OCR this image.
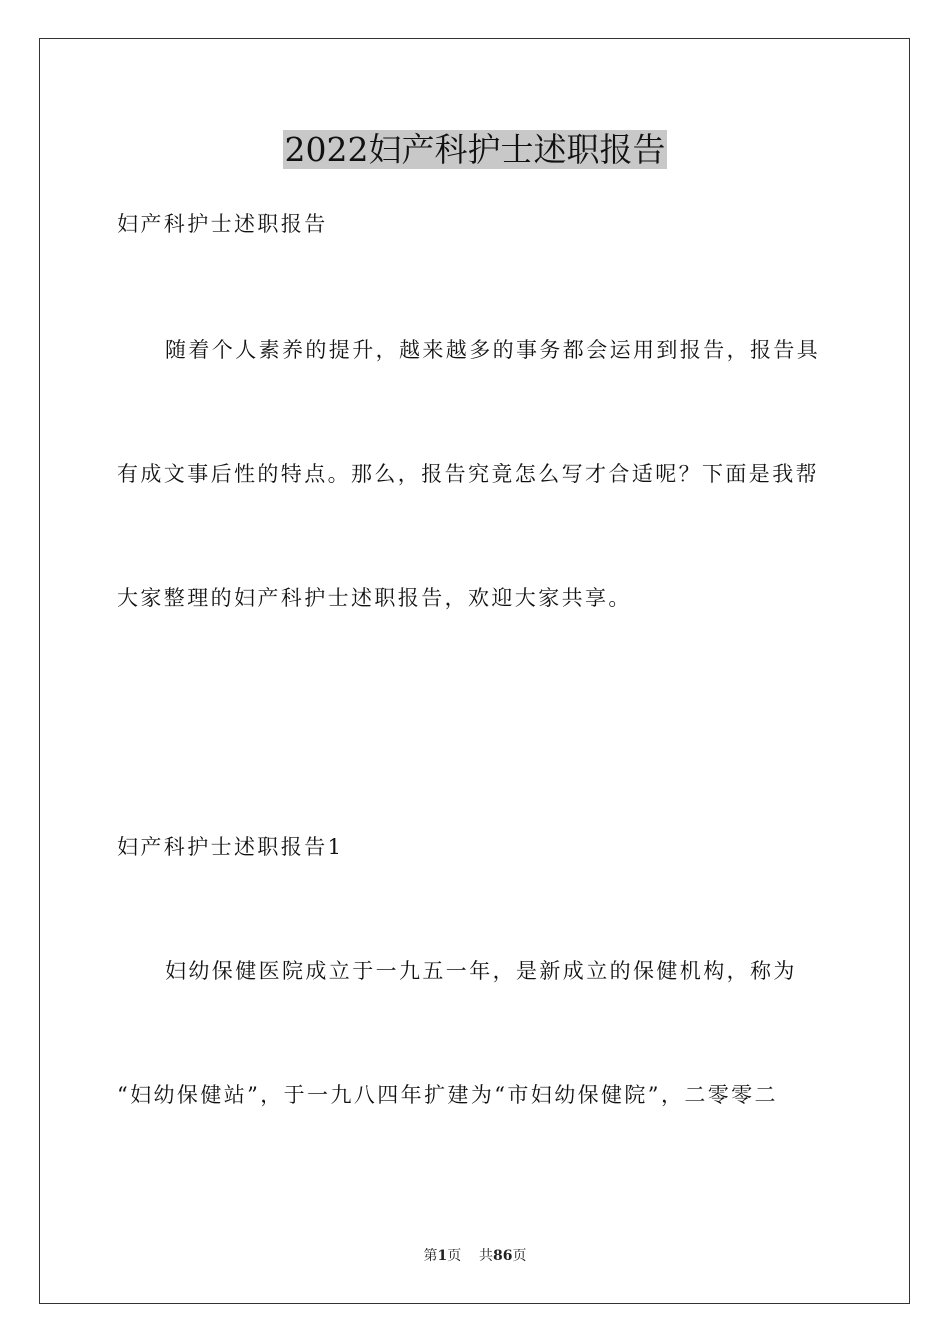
2022妇产科护士述职报告
妇产科护士述职报告
随着个人素养的提升，越来越多的事务都会运用到报告，报告具
有成文事后性的特点。那么，报告究竟怎么写才合适呢？下面是我帮
大家整理的妇产科护士述职报告，欢迎大家共享。
妇产科护士述职报告1
妇幼保健医院成立于一九五一年，是新成立的保健机构，称为
“妇幼保健站”，于一九八四年扩建为“市妇幼保健院”，二零零二
第1页 共86页
